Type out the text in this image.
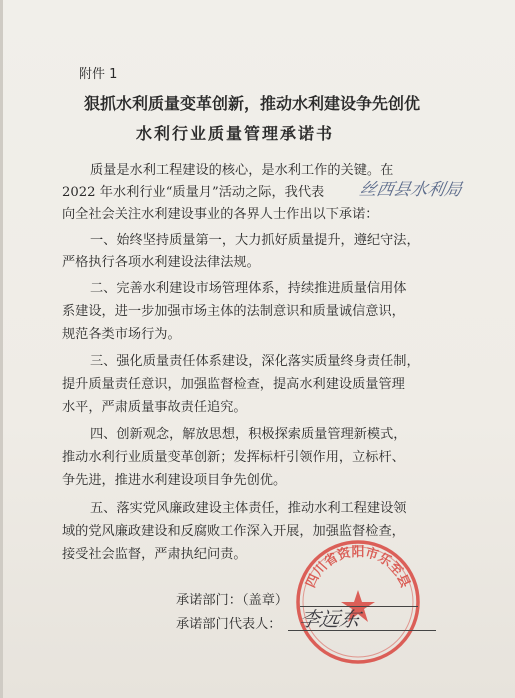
附件 1
狠抓水利质量变革创新，推动水利建设争先创优
水利行业质量管理承诺书
质量是水利工程建设的核心，是水利工作的关键。在
2022 年水利行业“质量月”活动之际，我代表 丝西县水利局
向全社会关注水利建设事业的各界人士作出以下承诺：
一、始终坚持质量第一，大力抓好质量提升，遵纪守法，
严格执行各项水利建设法律法规。
二、完善水利建设市场管理体系，持续推进质量信用体
系建设，进一步加强市场主体的法制意识和质量诚信意识，
规范各类市场行为。
三、强化质量责任体系建设，深化落实质量终身责任制，
提升质量责任意识，加强监督检查，提高水利建设质量管理
水平，严肃质量事故责任追究。
四、创新观念，解放思想，积极探索质量管理新模式，
推动水利行业质量变革创新；发挥标杆引领作用，立标杆、
争先进，推进水利建设项目争先创优。
五、落实党风廉政建设主体责任，推动水利工程建设领
域的党风廉政建设和反腐败工作深入开展，加强监督检查，
接受社会监督，严肃执纪问责。
四川省资阳市乐至县
承诺部门：（盖章）
承诺部门代表人： 李远东
